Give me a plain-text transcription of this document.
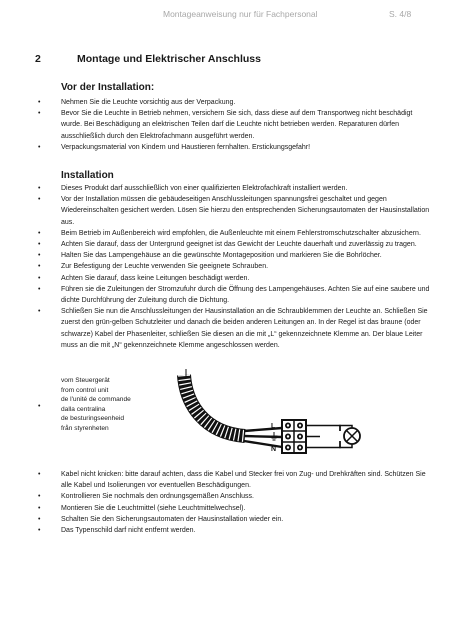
Montageanweisung nur für Fachpersonal	S. 4/8
2	Montage und Elektrischer Anschluss
Vor der Installation:
•	Nehmen Sie die Leuchte vorsichtig aus der Verpackung.
•	Bevor Sie die Leuchte in Betrieb nehmen, versichern Sie sich, dass diese auf dem Transportweg nicht beschädigt wurde. Bei Beschädigung an elektrischen Teilen darf die Leuchte nicht betrieben werden. Reparaturen dürfen ausschließlich durch den Elektrofachmann ausgeführt werden.
•	Verpackungsmaterial von Kindern und Haustieren fernhalten. Erstickungsgefahr!
Installation
•	Dieses Produkt darf ausschließlich von einer qualifizierten Elektrofachkraft installiert werden.
•	Vor der Installation müssen die gebäudeseitigen Anschlussleitungen spannungsfrei geschaltet und gegen Wiedereinschalten gesichert werden. Lösen Sie hierzu den entsprechenden Sicherungsautomaten der Hausinstallation aus.
•	Beim Betrieb im Außenbereich wird empfohlen, die Außenleuchte mit einem Fehlerstromschutzschalter abzusichern.
•	Achten Sie darauf, dass der Untergrund geeignet ist das Gewicht der Leuchte dauerhaft und zuverlässig zu tragen.
•	Halten Sie das Lampengehäuse an die gewünschte Montageposition und markieren Sie die Bohrlöcher.
•	Zur Befestigung der Leuchte verwenden Sie geeignete Schrauben.
•	Achten Sie darauf, dass keine Leitungen beschädigt werden.
•	Führen sie die Zuleitungen der Stromzufuhr durch die Öffnung des Lampengehäuses. Achten Sie auf eine saubere und dichte Durchführung der Zuleitung durch die Dichtung.
•	Schließen Sie nun die Anschlussleitungen der Hausinstallation an die Schraubklemmen der Leuchte an. Schließen Sie zuerst den grün-gelben Schutzleiter und danach die beiden anderen Leitungen an. In der Regel ist das braune (oder schwarze) Kabel der Phasenleiter, schließen Sie diesen an die mit „L“ gekennzeichnete Klemme an. Der blaue Leiter muss an die mit „N“ gekennzeichnete Klemme angeschlossen werden.
•
vom Steuergerät
from control unit
de l'unité de commande
dalla centralina
de besturingseenheid
från styrenheten	L
N
•	Kabel nicht knicken: bitte darauf achten, dass die Kabel und Stecker frei von Zug- und Drehkräften sind. Schützen Sie alle Kabel und Isolierungen vor eventuellen Beschädigungen.
•	Kontrollieren Sie nochmals den ordnungsgemäßen Anschluss.
•	Montieren Sie die Leuchtmittel (siehe Leuchtmittelwechsel).
•	Schalten Sie den Sicherungsautomaten der Hausinstallation wieder ein.
•	Das Typenschild darf nicht entfernt werden.
